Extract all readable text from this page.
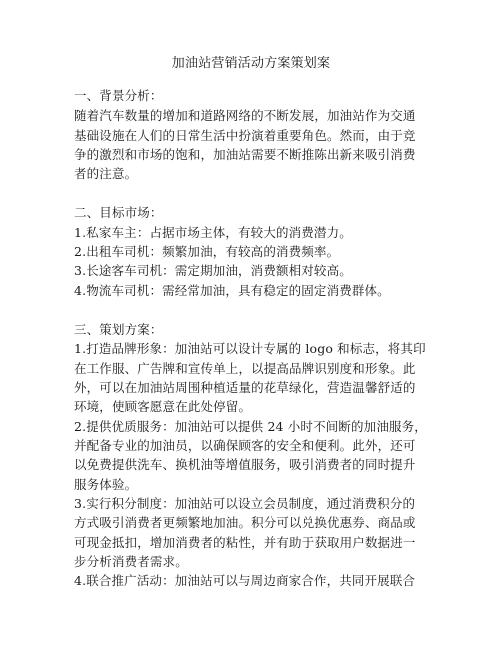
加油站营销活动方案策划案
一、背景分析：
随着汽车数量的增加和道路网络的不断发展，加油站作为交通
基础设施在人们的日常生活中扮演着重要角色。然而，由于竞
争的激烈和市场的饱和，加油站需要不断推陈出新来吸引消费
者的注意。
二、目标市场：
1.私家车主：占据市场主体，有较大的消费潜力。
2.出租车司机：频繁加油，有较高的消费频率。
3.长途客车司机：需定期加油，消费额相对较高。
4.物流车司机：需经常加油，具有稳定的固定消费群体。
三、策划方案：
1.打造品牌形象：加油站可以设计专属的 logo 和标志，将其印
在工作服、广告牌和宣传单上，以提高品牌识别度和形象。此
外，可以在加油站周围种植适量的花草绿化，营造温馨舒适的
环境，使顾客愿意在此处停留。
2.提供优质服务：加油站可以提供 24 小时不间断的加油服务，
并配备专业的加油员，以确保顾客的安全和便利。此外，还可
以免费提供洗车、换机油等增值服务，吸引消费者的同时提升
服务体验。
3.实行积分制度：加油站可以设立会员制度，通过消费积分的
方式吸引消费者更频繁地加油。积分可以兑换优惠券、商品或
可现金抵扣，增加消费者的粘性，并有助于获取用户数据进一
步分析消费者需求。
4.联合推广活动：加油站可以与周边商家合作，共同开展联合
